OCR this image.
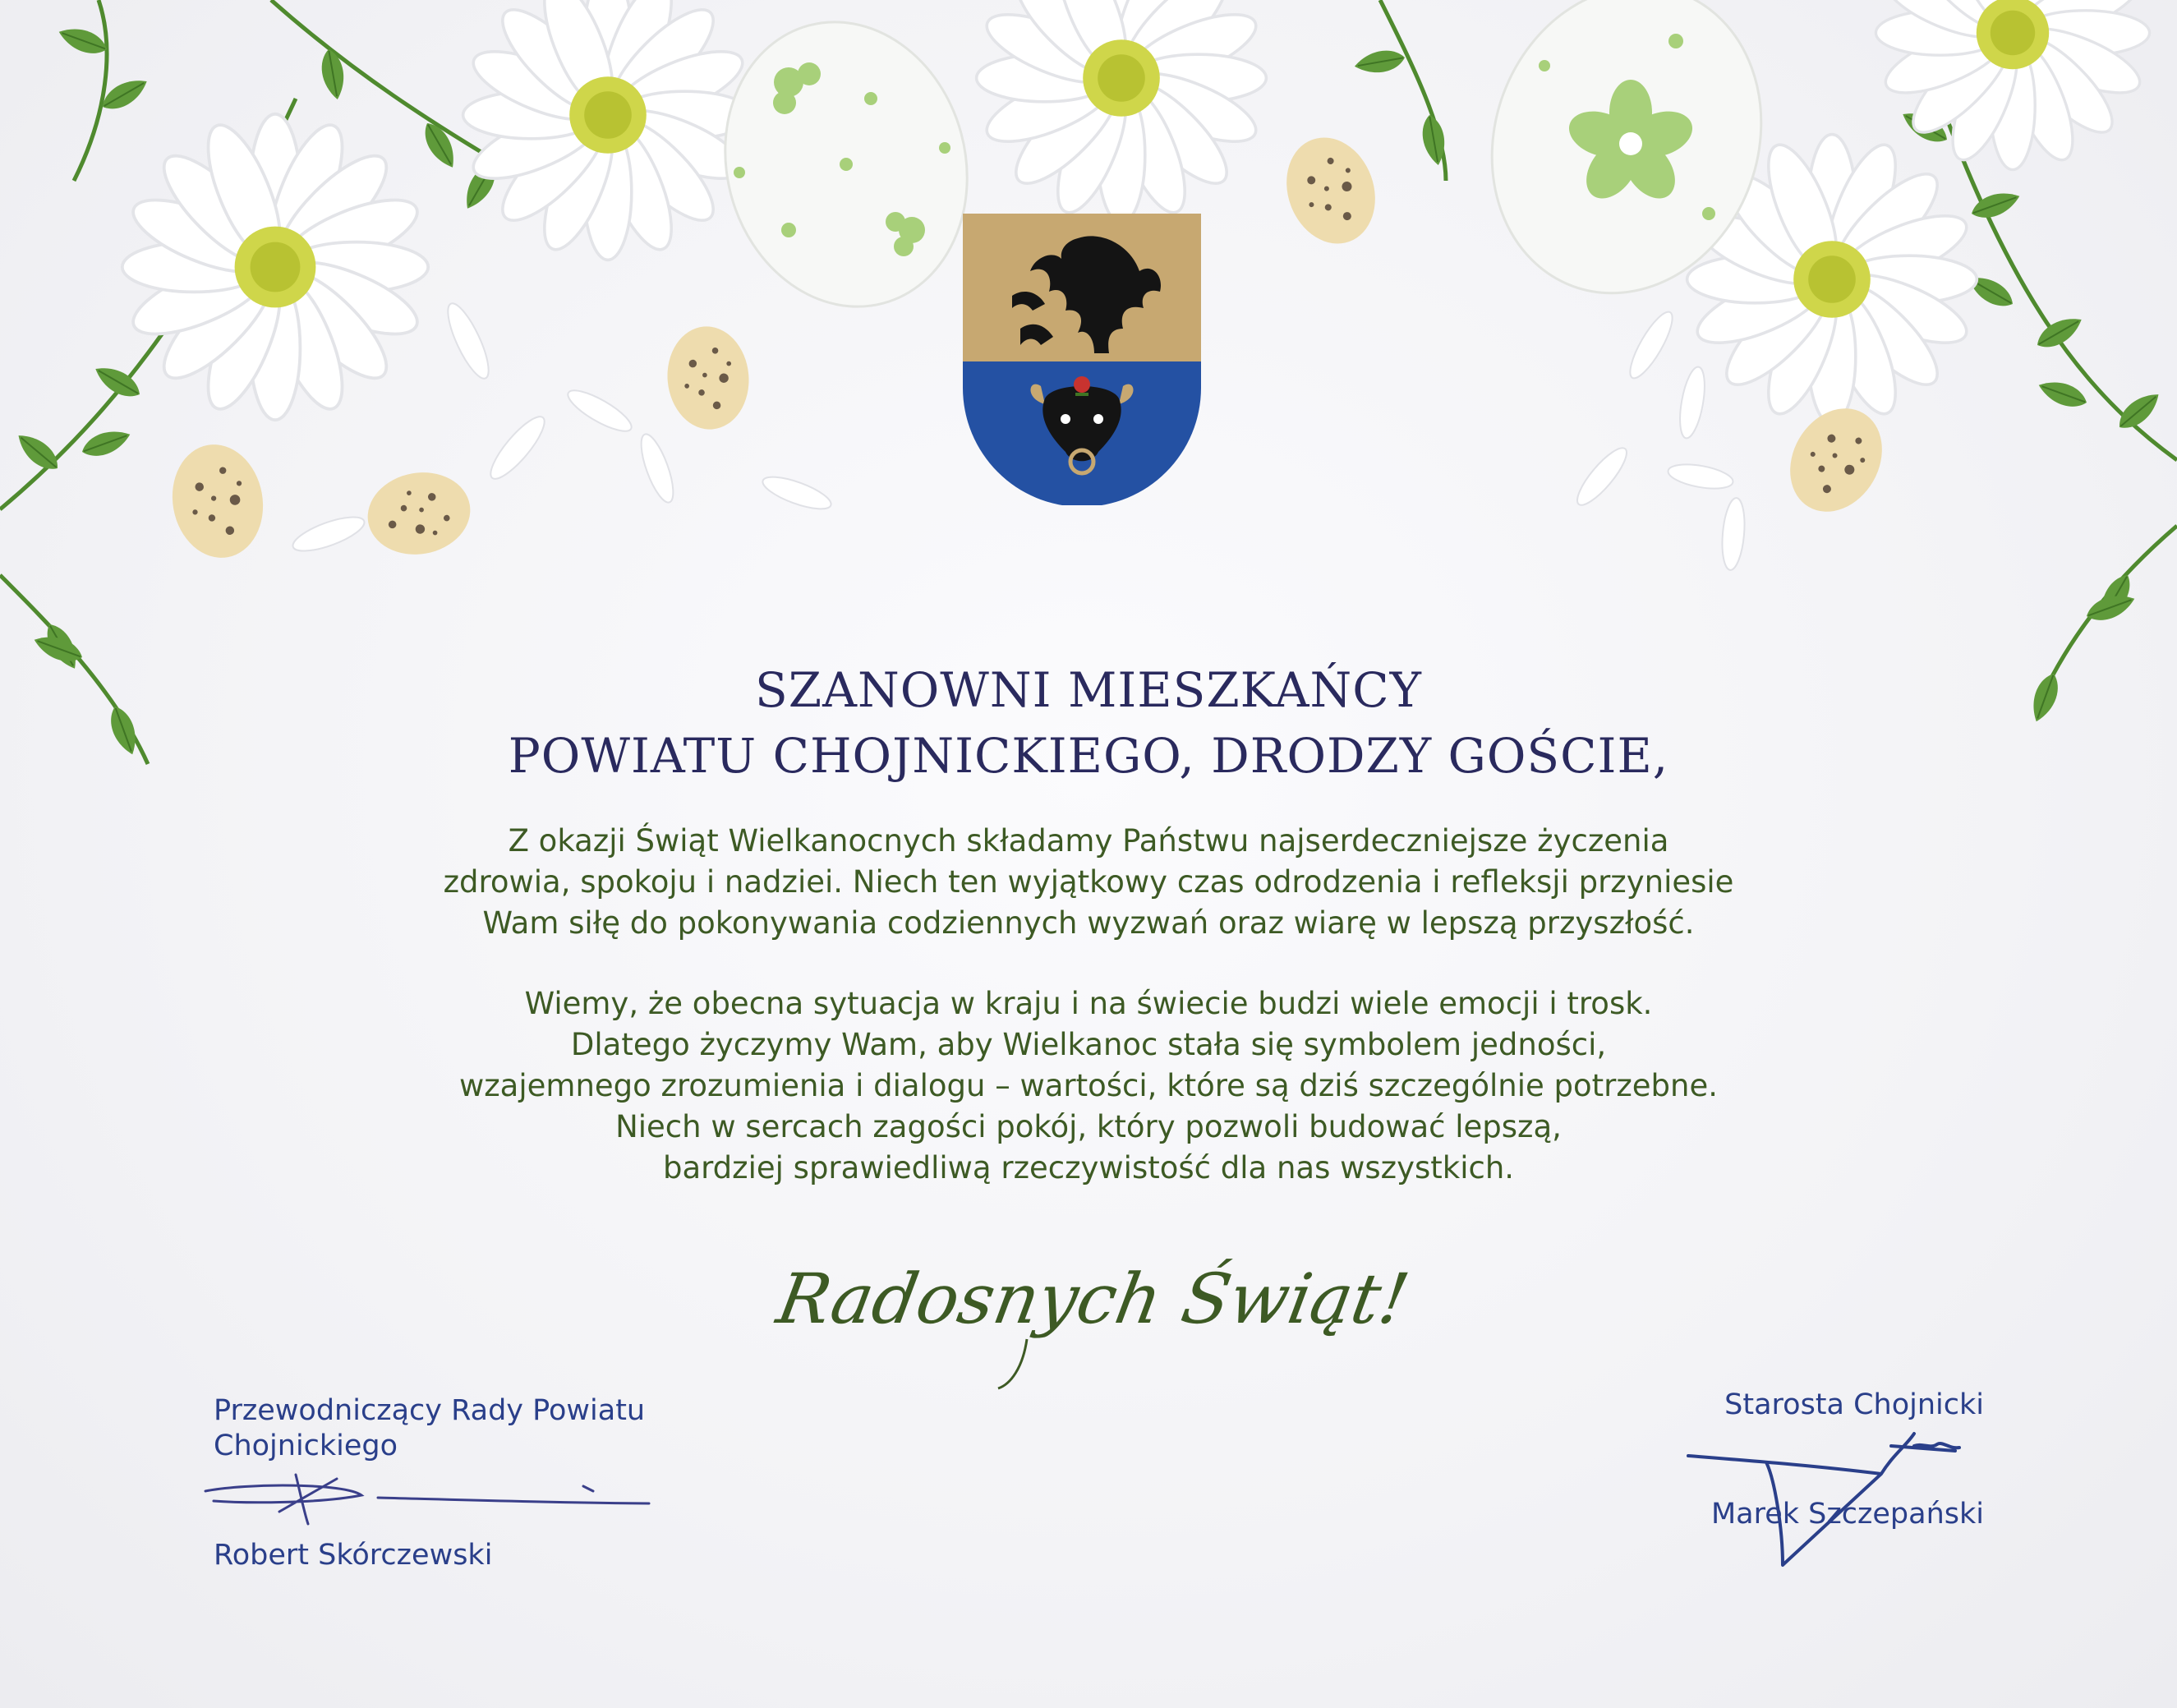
SZANOWNI MIESZKAŃCY
POWIATU CHOJNICKIEGO, DRODZY GOŚCIE,
Z okazji Świąt Wielkanocnych składamy Państwu najserdeczniejsze życzenia
zdrowia, spokoju i nadziei. Niech ten wyjątkowy czas odrodzenia i refleksji przyniesie
Wam siłę do pokonywania codziennych wyzwań oraz wiarę w lepszą przyszłość.
Wiemy, że obecna sytuacja w kraju i na świecie budzi wiele emocji i trosk.
Dlatego życzymy Wam, aby Wielkanoc stała się symbolem jedności,
wzajemnego zrozumienia i dialogu – wartości, które są dziś szczególnie potrzebne.
Niech w sercach zagości pokój, który pozwoli budować lepszą,
bardziej sprawiedliwą rzeczywistość dla nas wszystkich.
Radosnych Świąt!
Przewodniczący Rady Powiatu
Chojnickiego
Robert Skórczewski
Starosta Chojnicki
Marek Szczepański
